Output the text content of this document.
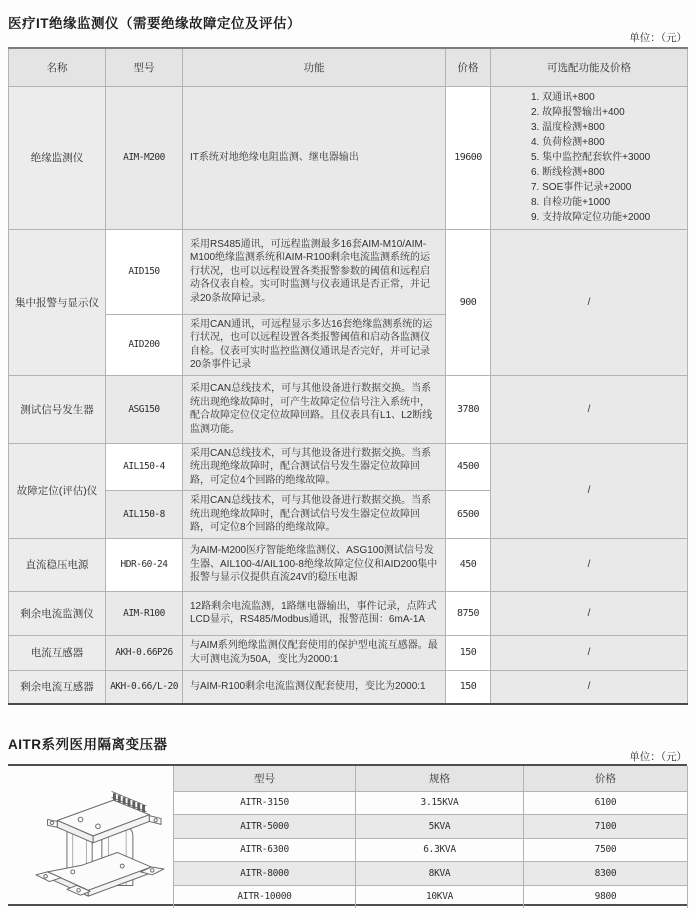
医疗IT绝缘监测仪（需要绝缘故障定位及评估）
单位：（元）
名称	型号	功能	价格	可选配功能及价格
绝缘监测仪	AIM-M200	IT系统对地绝缘电阻监测、继电器输出	19600	
1. 双通讯+800
2. 故障报警输出+400
3. 温度检测+800
4. 负荷检测+800
5. 集中监控配套软件+3000
6. 断线检测+800
7. SOE事件记录+2000
8. 自检功能+1000
9. 支持故障定位功能+2000

集中报警与显示仪	AID150	采用RS485通讯，可远程监测最多16套AIM-M10/AIM-M100绝缘监测系统和AIM-R100剩余电流监测系统的运行状况，也可以远程设置各类报警参数的阈值和远程启动各仪表自检。实可时监测与仪表通讯是否正常，并记录20条故障记录。	900	/
	AID200	采用CAN通讯，可远程显示多达16套绝缘监测系统的运行状况，也可以远程设置各类报警阈值和启动各监测仪自检。仪表可实时监控监测仪通讯是否完好，并可记录20条事件记录		
测试信号发生器	ASG150	采用CAN总线技术，可与其他设备进行数据交换。当系统出现绝缘故障时，可产生故障定位信号注入系统中，配合故障定位仪定位故障回路。且仪表具有L1、L2断线监测功能。	3780	/
故障定位(评估)仪	AIL150-4	采用CAN总线技术，可与其他设备进行数据交换。当系统出现绝缘故障时，配合测试信号发生器定位故障回路，可定位4个回路的绝缘故障。	4500	/
	AIL150-8	采用CAN总线技术，可与其他设备进行数据交换。当系统出现绝缘故障时，配合测试信号发生器定位故障回路，可定位8个回路的绝缘故障。	6500	
直流稳压电源	HDR-60-24	为AIM-M200医疗智能绝缘监测仪、ASG100测试信号发生器、AIL100-4/AIL100-8绝缘故障定位仪和AID200集中报警与显示仪提供直流24V的稳压电源	450	/
剩余电流监测仪	AIM-R100	12路剩余电流监测，1路继电器输出，事件记录，点阵式LCD显示，RS485/Modbus通讯，报警范围：6mA-1A	8750	/
电流互感器	AKH-0.66P26	与AIM系列绝缘监测仪配套使用的保护型电流互感器。最大可测电流为50A，变比为2000:1	150	/
剩余电流互感器	AKH-0.66/L-20	与AIM-R100剩余电流监测仪配套使用，变比为2000:1	150	/
AITR系列医用隔离变压器
单位：（元）
型号	规格	价格
AITR-3150	3.15KVA	6100
AITR-5000	5KVA	7100
AITR-6300	6.3KVA	7500
AITR-8000	8KVA	8300
AITR-10000	10KVA	9800
